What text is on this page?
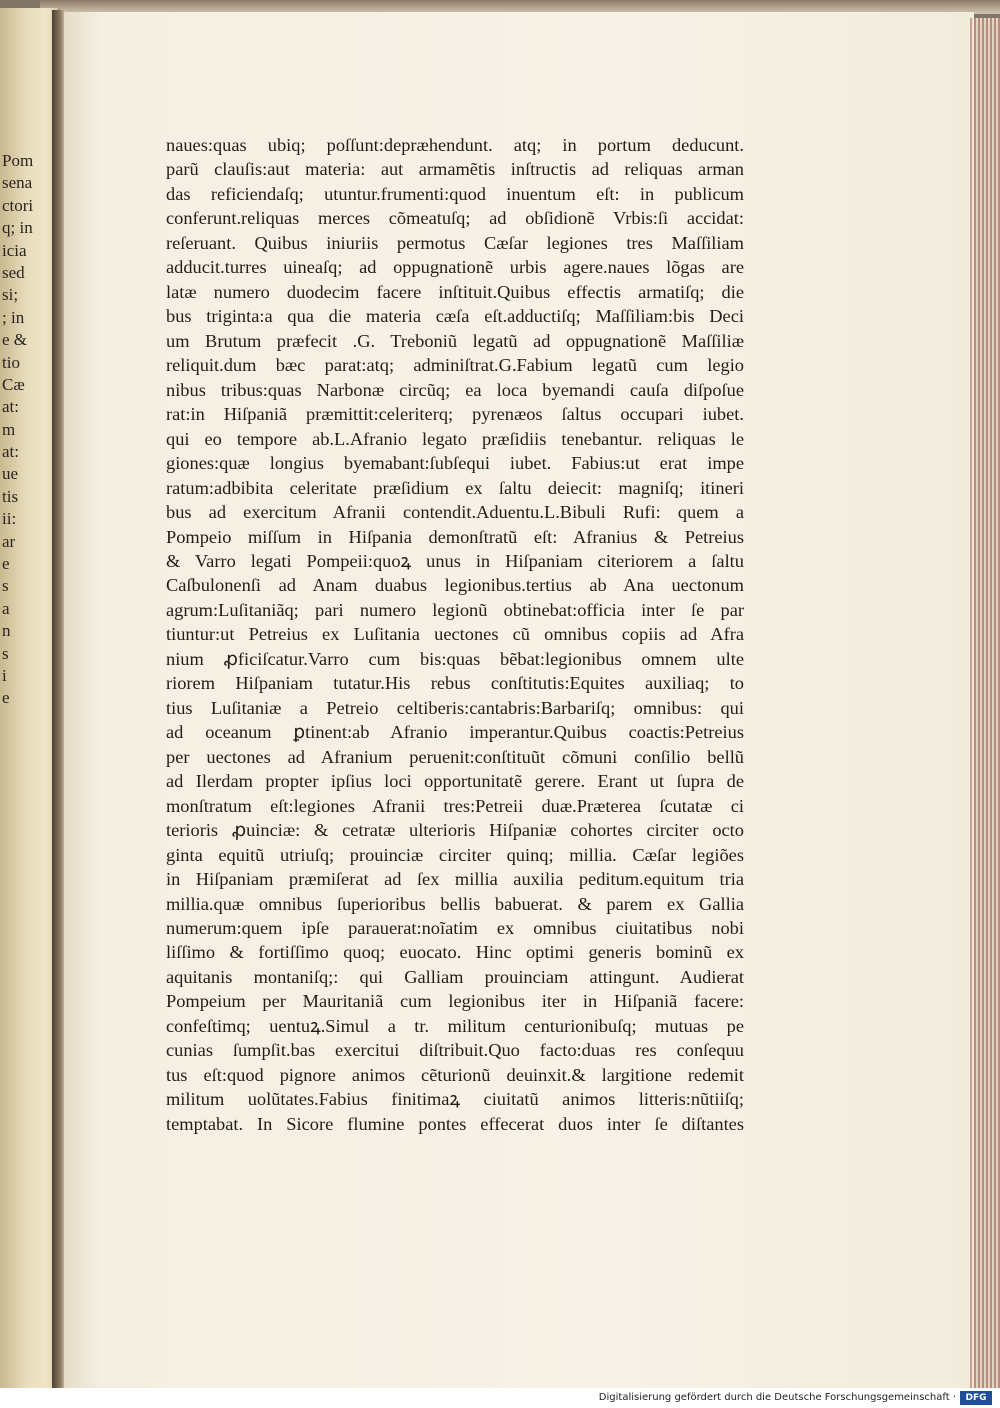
Pom
sena
ctori
q; in
icia
sed
si;
; in
e &
tio
Cæ
at:
m
at:
ue
tis
ii:
ar
e
s
a
n
s
i
e
naues:quas ubiq; poſſunt:depræhendunt. atq; in portum deducunt.
parũ clauſis:aut materia: aut armamẽtis inſtructis ad reliquas arman
das reficiendaſq; utuntur.frumenti:quod inuentum eſt: in publicum
conferunt.reliquas merces cõmeatuſq; ad obſidionẽ Vrbis:ſi accidat:
reſeruant. Quibus iniuriis permotus Cæſar legiones tres Maſſiliam
adducit.turres uineaſq; ad oppugnationẽ urbis agere.naues lõgas are
latæ numero duodecim facere inſtituit.Quibus effectis armatiſq; die
bus triginta:a qua die materia cæſa eſt.adductiſq; Maſſiliam:bis Deci
um Brutum præfecit .G. Treboniũ legatũ ad oppugnationẽ Maſſiliæ
reliquit.dum bæc parat:atq; adminiſtrat.G.Fabium legatũ cum legio
nibus tribus:quas Narbonæ circũq; ea loca byemandi cauſa diſpoſue
rat:in Hiſpaniã præmittit:celeriterq; pyrenæos ſaltus occupari iubet.
qui eo tempore ab.L.Afranio legato præſidiis tenebantur. reliquas le
giones:quæ longius byemabant:ſubſequi iubet. Fabius:ut erat impe
ratum:adbibita celeritate præſidium ex ſaltu deiecit: magniſq; itineri
bus ad exercitum Afranii contendit.Aduentu.L.Bibuli Rufi: quem a
Pompeio miſſum in Hiſpania demonſtratũ eſt: Afranius & Petreius
& Varro legati Pompeii:quoꝝ unus in Hiſpaniam citeriorem a ſaltu
Caſbulonenſi ad Anam duabus legionibus.tertius ab Ana uectonum
agrum:Luſitaniãq; pari numero legionũ obtinebat:officia inter ſe par
tiuntur:ut Petreius ex Luſitania uectones cũ omnibus copiis ad Afra
nium ꝓficiſcatur.Varro cum bis:quas bẽbat:legionibus omnem ulte
riorem Hiſpaniam tutatur.His rebus conſtitutis:Equites auxiliaq; to
tius Luſitaniæ a Petreio celtiberis:cantabris:Barbariſq; omnibus: qui
ad oceanum ꝑtinent:ab Afranio imperantur.Quibus coactis:Petreius
per uectones ad Afranium peruenit:conſtituũt cõmuni conſilio bellũ
ad Ilerdam propter ipſius loci opportunitatẽ gerere. Erant ut ſupra de
monſtratum eſt:legiones Afranii tres:Petreii duæ.Præterea ſcutatæ ci
terioris ꝓuinciæ: & cetratæ ulterioris Hiſpaniæ cohortes circiter octo
ginta equitũ utriuſq; prouinciæ circiter quinq; millia. Cæſar legiões
in Hiſpaniam præmiſerat ad ſex millia auxilia peditum.equitum tria
millia.quæ omnibus ſuperioribus bellis babuerat. & parem ex Gallia
numerum:quem ipſe parauerat:noĩatim ex omnibus ciuitatibus nobi
liſſimo & fortiſſimo quoq; euocato. Hinc optimi generis bominũ ex
aquitanis montaniſq;: qui Galliam prouinciam attingunt. Audierat
Pompeium per Mauritaniã cum legionibus iter in Hiſpaniã facere:
confeſtimq; uentuꝝ.Simul a tr. militum centurionibuſq; mutuas pe
cunias ſumpſit.bas exercitui diſtribuit.Quo facto:duas res conſequu
tus eſt:quod pignore animos cẽturionũ deuinxit.& largitione redemit
militum uolũtates.Fabius finitimaꝝ ciuitatũ animos litteris:nũtiiſq;
temptabat. In Sicore flumine pontes effecerat duos inter ſe diſtantes
Digitalisierung gefördert durch die Deutsche Forschungsgemeinschaft ·	DFG
